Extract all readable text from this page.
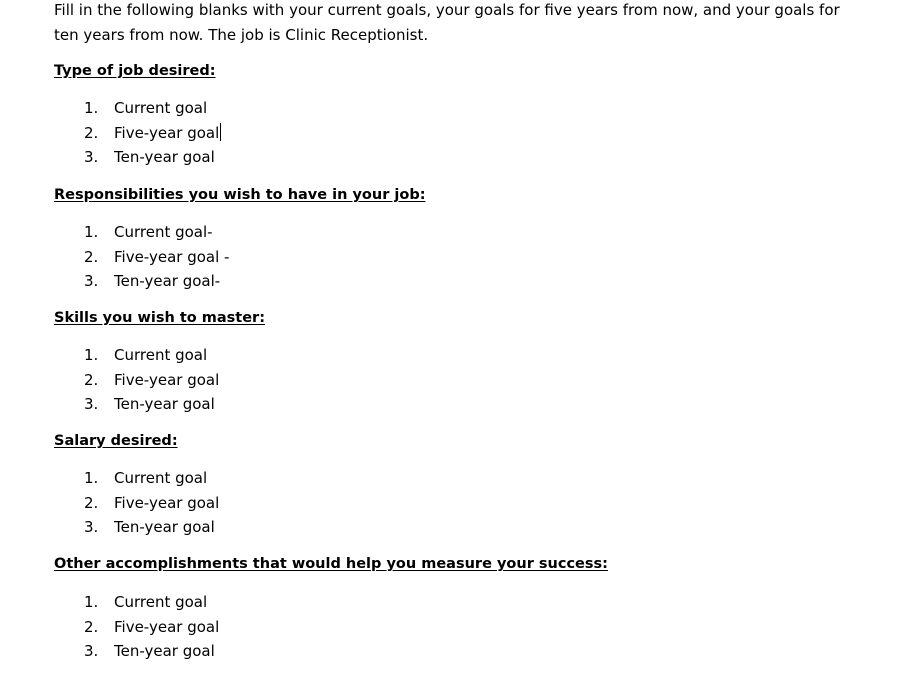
Fill in the following blanks with your current goals, your goals for five years from now, and your goals for ten years from now. The job is Clinic Receptionist.

Type of job desired:

1.	Current goal
2.	Five-year goal
3.	Ten-year goal

Responsibilities you wish to have in your job:

1.	Current goal-
2.	Five-year goal -
3.	Ten-year goal-

Skills you wish to master:

1.	Current goal
2.	Five-year goal
3.	Ten-year goal

Salary desired:

1.	Current goal
2.	Five-year goal
3.	Ten-year goal

Other accomplishments that would help you measure your success:

1.	Current goal
2.	Five-year goal
3.	Ten-year goal
